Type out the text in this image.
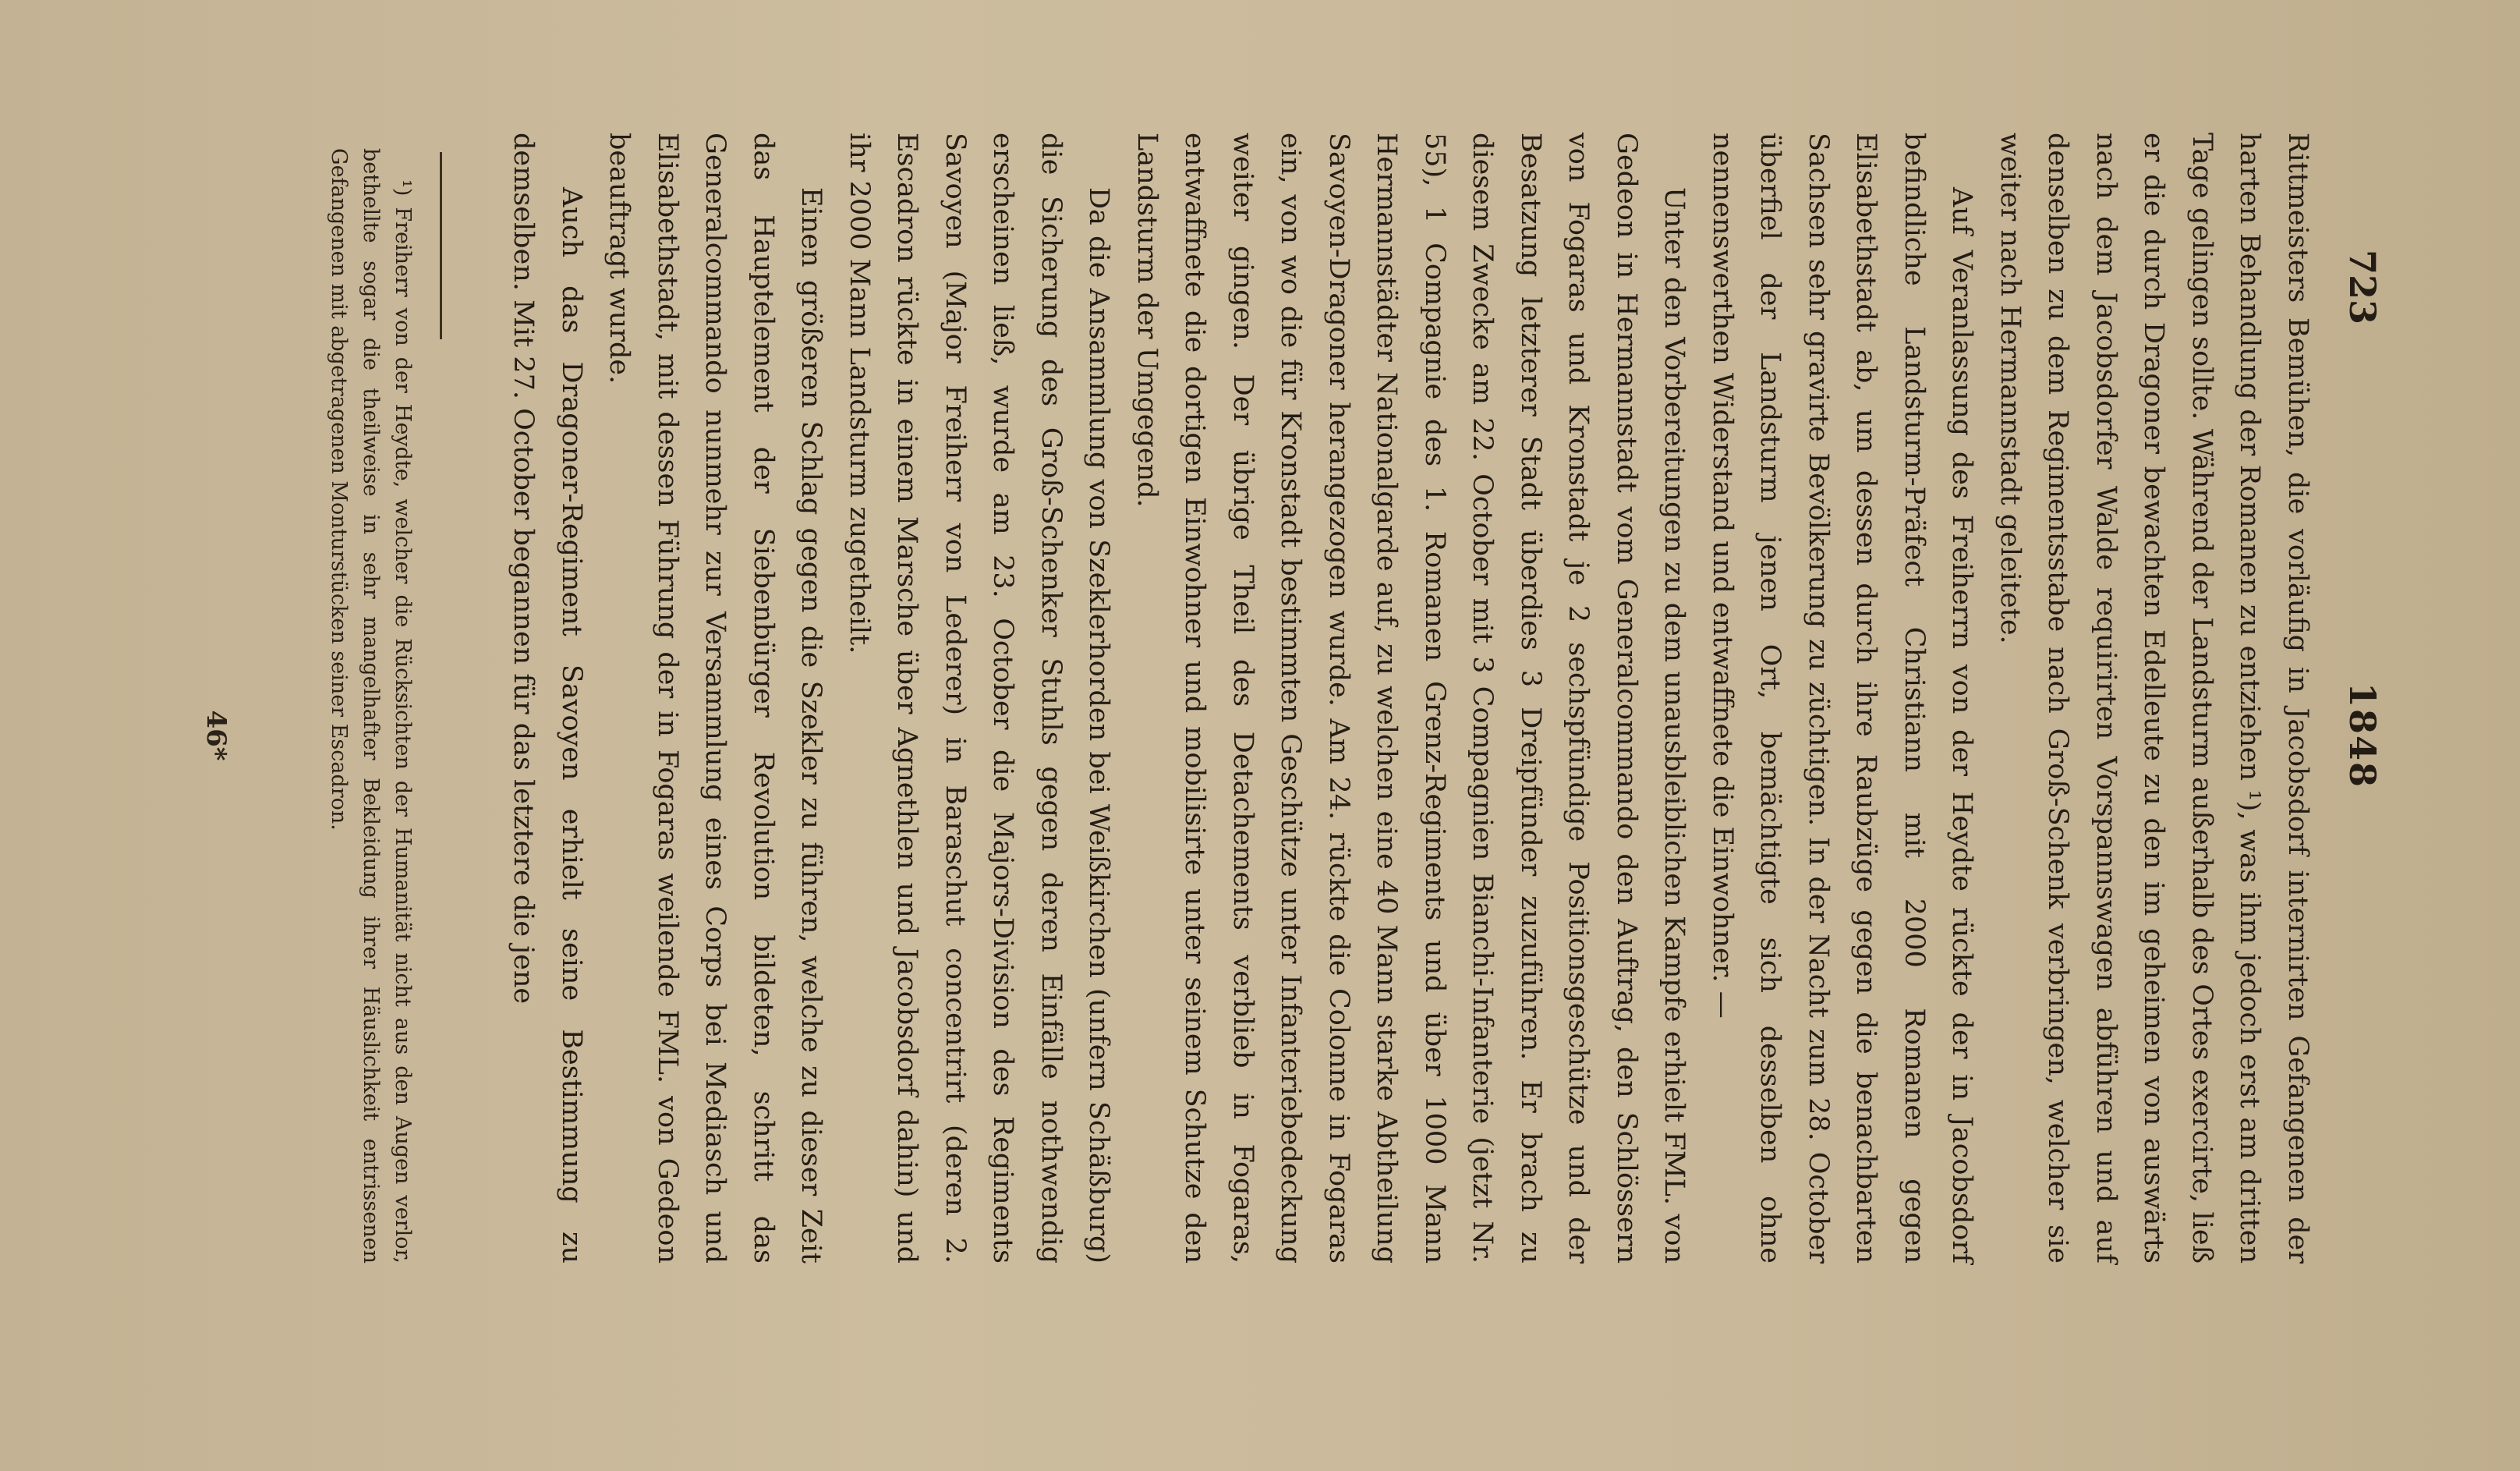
723
1848

Rittmeisters Bemühen, die vorläufig in Jacobsdorf internirten Gefangenen der harten Behandlung der Romanen zu entziehen ¹), was ihm jedoch erst am dritten Tage gelingen sollte. Während der Landsturm außerhalb des Ortes exercirte, ließ er die durch Dragoner bewachten Edelleute zu den im geheimen von auswärts nach dem Jacobsdorfer Walde requirirten Vorspannswagen abführen und auf denselben zu dem Regimentsstabe nach Groß-Schenk verbringen, welcher sie weiter nach Hermannstadt geleitete.

Auf Veranlassung des Freiherrn von der Heydte rückte der in Jacobsdorf befindliche Landsturm-Präfect Christiann mit 2000 Romanen gegen Elisabethstadt ab, um dessen durch ihre Raubzüge gegen die benachbarten Sachsen sehr gravirte Bevölkerung zu züchtigen. In der Nacht zum 28. October überfiel der Landsturm jenen Ort, bemächtigte sich desselben ohne nennenswerthen Widerstand und entwaffnete die Einwohner. —

Unter den Vorbereitungen zu dem unausbleiblichen Kampfe erhielt FML. von Gedeon in Hermannstadt vom Generalcommando den Auftrag, den Schlössern von Fogaras und Kronstadt je 2 sechspfündige Positionsgeschütze und der Besatzung letzterer Stadt überdies 3 Dreipfünder zuzuführen. Er brach zu diesem Zwecke am 22. October mit 3 Compagnien Bianchi-Infanterie (jetzt Nr. 55), 1 Compagnie des 1. Romanen Grenz-Regiments und über 1000 Mann Hermannstädter Nationalgarde auf, zu welchen eine 40 Mann starke Abtheilung Savoyen-Dragoner herangezogen wurde. Am 24. rückte die Colonne in Fogaras ein, von wo die für Kronstadt bestimmten Geschütze unter Infanteriebedeckung weiter gingen. Der übrige Theil des Detachements verblieb in Fogaras, entwaffnete die dortigen Einwohner und mobilisirte unter seinem Schutze den Landsturm der Umgegend.

Da die Ansammlung von Szeklerhorden bei Weißkirchen (unfern Schäßburg) die Sicherung des Groß-Schenker Stuhls gegen deren Einfälle nothwendig erscheinen ließ, wurde am 23. October die Majors-Division des Regiments Savoyen (Major Freiherr von Lederer) in Baraschut concentrirt (deren 2. Escadron rückte in einem Marsche über Agnethlen und Jacobsdorf dahin) und ihr 2000 Mann Landsturm zugetheilt.

Einen größeren Schlag gegen die Szekler zu führen, welche zu dieser Zeit das Hauptelement der Siebenbürger Revolution bildeten, schritt das Generalcommando nunmehr zur Versammlung eines Corps bei Mediasch und Elisabethstadt, mit dessen Führung der in Fogaras weilende FML. von Gedeon beauftragt wurde.

Auch das Dragoner-Regiment Savoyen erhielt seine Bestimmung zu demselben. Mit 27. October begannen für das letztere die jene

¹) Freiherr von der Heydte, welcher die Rücksichten der Humanität nicht aus den Augen verlor, bethellte sogar die theilweise in sehr mangelhafter Bekleidung ihrer Häuslichkeit entrissenen Gefangenen mit abgetragenen Monturstücken seiner Escadron.

46*
